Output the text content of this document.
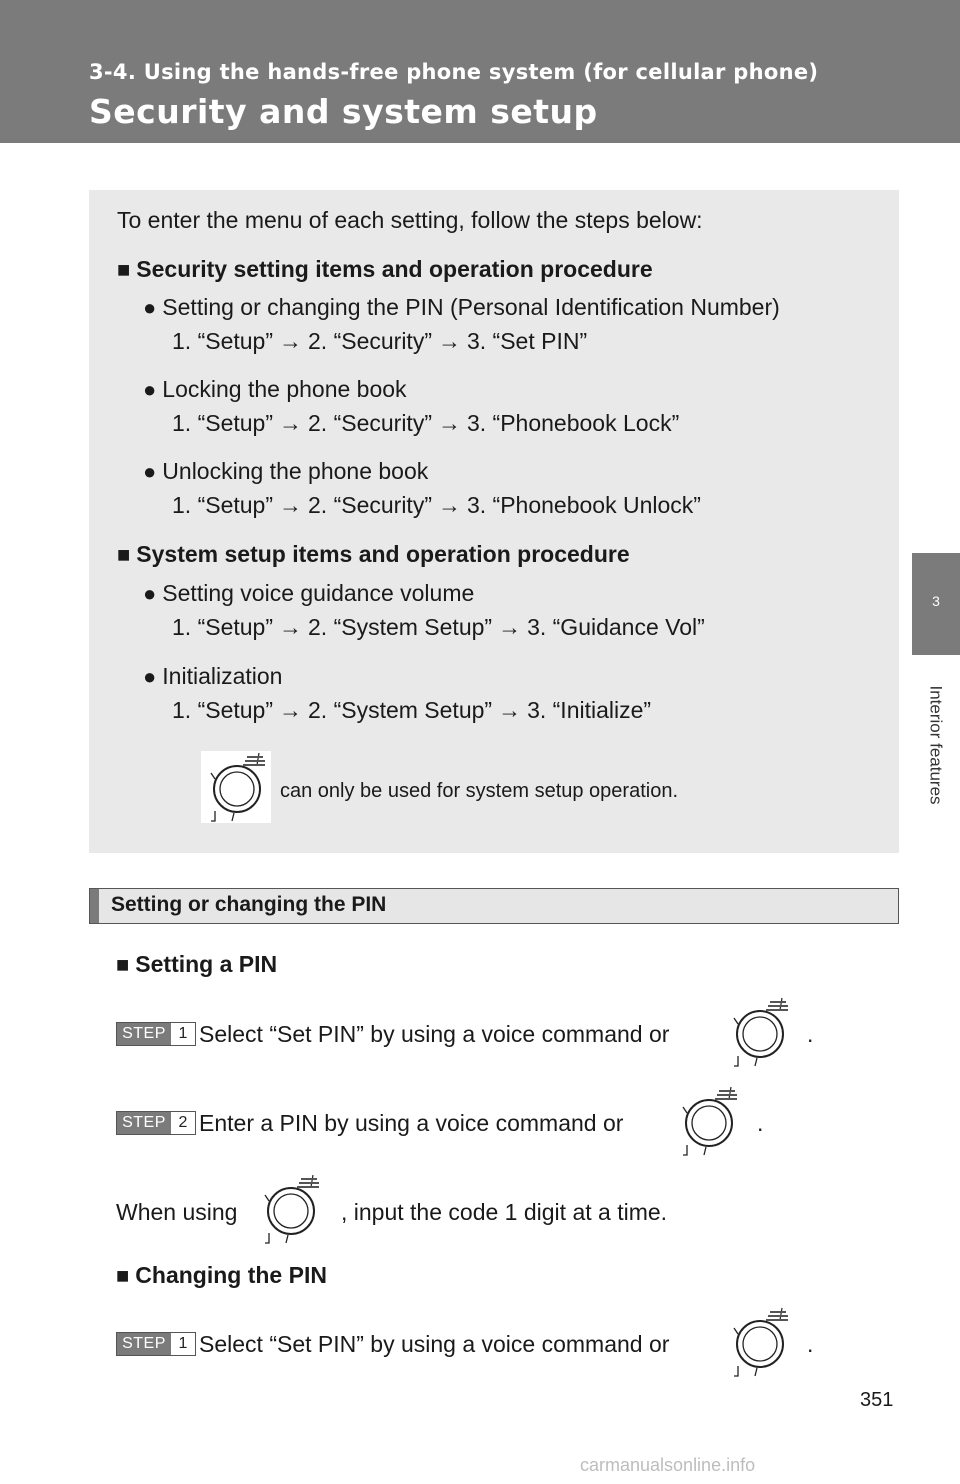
3-4. Using the hands-free phone system (for cellular phone)
Security and system setup
3
Interior features
To enter the menu of each setting, follow the steps below:
■ Security setting items and operation procedure
● Setting or changing the PIN (Personal Identification Number)
1. “Setup” → 2. “Security” → 3. “Set PIN”
● Locking the phone book
1. “Setup” → 2. “Security” → 3. “Phonebook Lock”
● Unlocking the phone book
1. “Setup” → 2. “Security” → 3. “Phonebook Unlock”
■ System setup items and operation procedure
● Setting voice guidance volume
1. “Setup” → 2. “System Setup” → 3. “Guidance Vol”
● Initialization
1. “Setup” → 2. “System Setup” → 3. “Initialize”
can only be used for system setup operation.
Setting or changing the PIN
■ Setting a PIN
STEP 1 Select “Set PIN” by using a voice command or	.
STEP 2 Enter a PIN by using a voice command or	.
When using	, input the code 1 digit at a time.
■ Changing the PIN
STEP 1 Select “Set PIN” by using a voice command or	.
351
carmanualsonline.info
